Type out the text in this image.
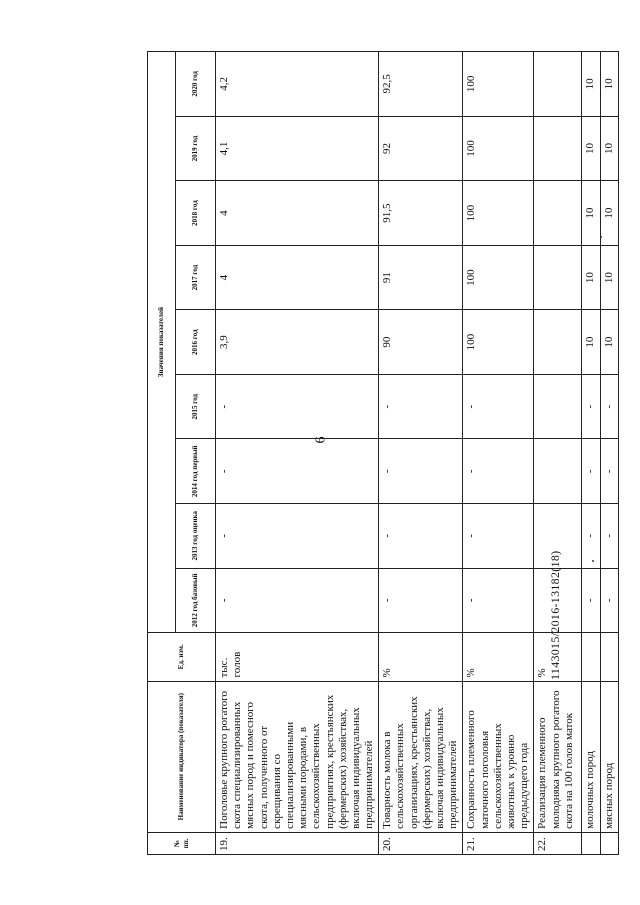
6
№ пп.	Наименование индикатора (показателя)	Ед. изм.	Значения показателей								
			2012 год базовый	2013 год оценка	2014 год первый	2015 год	2016 год	2017 год	2018 год	2019 год	2020 год
19.	Поголовье крупного рогатого скота специализированных мясных пород и помесного скота, полученного от скрещивания со специализированными мясными породами, в сельскохозяйственных предприятиях, крестьянских (фермерских) хозяйствах, включая индивидуальных предпринимателей	тыс. голов	-	-	-	-	3,9	4	4	4,1	4,2
20.	Товарность молока в сельскохозяйственных организациях, крестьянских (фермерских) хозяйствах, включая индивидуальных предпринимателей	%	-	-	-	-	90	91	91,5	92	92,5
21.	Сохранность племенного маточного поголовья сельскохозяйственных животных к уровню предыдущего года	%	-	-	-	-	100	100	100	100	100
22.	Реализация племенного молодняка крупного рогатого скота на 100 голов маток	%									
	молочных пород		-	-	-	-	10	10	10	10	10
	мясных пород		-	-	-	-	10	10	10	10	10
1143015/2016-13182(18)
